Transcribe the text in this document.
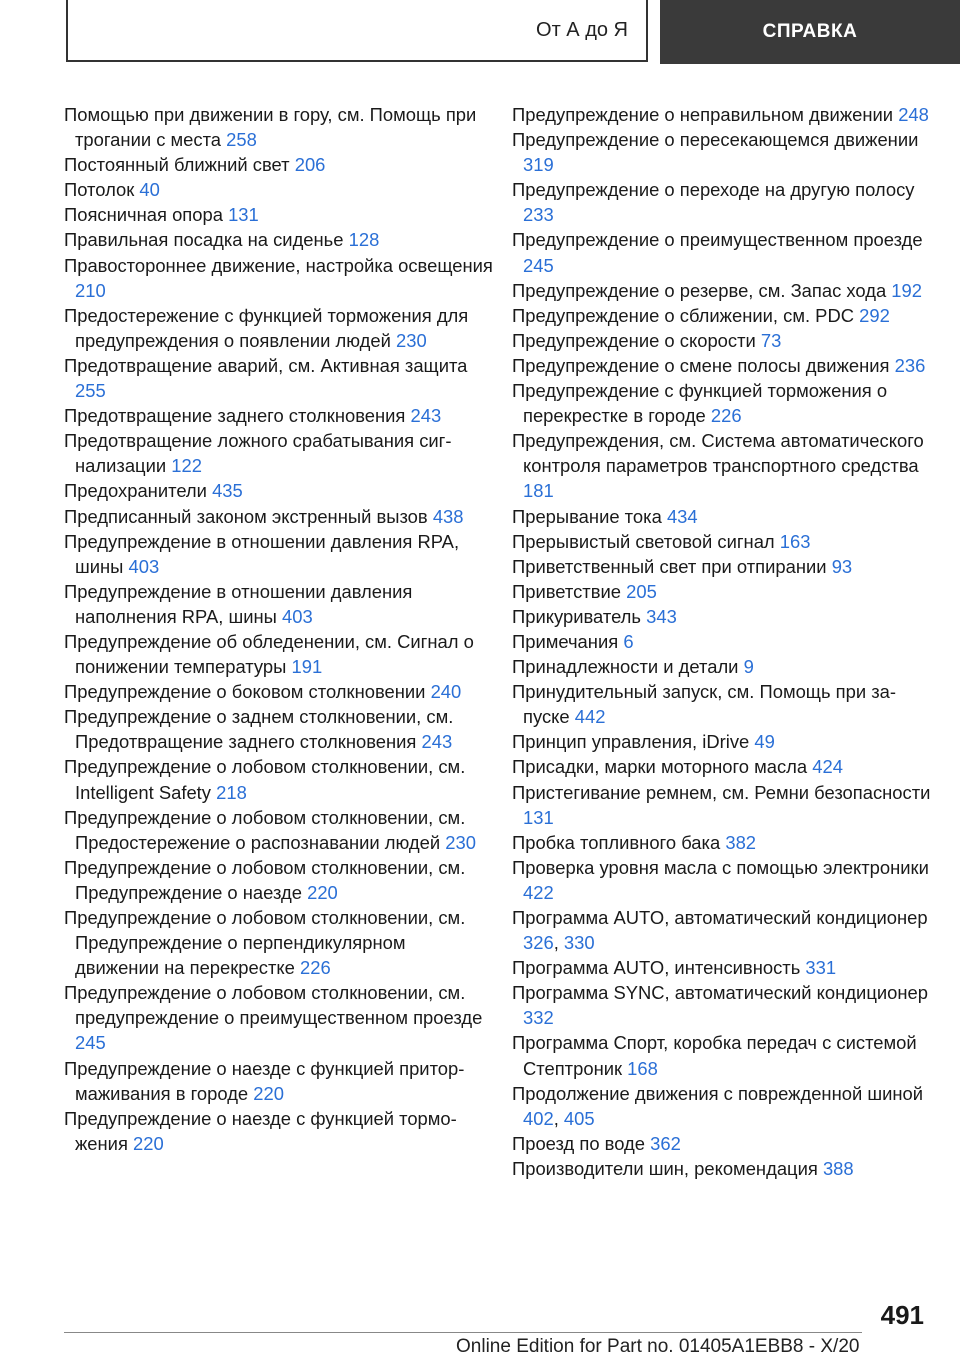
От А до Я	СПРАВКА
Помощью при движении в гору, см. Помощь при трогании с места 258
Постоянный ближний свет 206
Потолок 40
Поясничная опора 131
Правильная посадка на сиденье 128
Правостороннее движение, настройка освещения 210
Предостережение с функцией торможения для предупреждения о появлении людей 230
Предотвращение аварий, см. Активная защита 255
Предотвращение заднего столкновения 243
Предотвращение ложного срабатывания сигнализации 122
Предохранители 435
Предписанный законом экстренный вызов 438
Предупреждение в отношении давления RPA, шины 403
Предупреждение в отношении давления наполнения RPA, шины 403
Предупреждение об обледенении, см. Сигнал о понижении температуры 191
Предупреждение о боковом столкновении 240
Предупреждение о заднем столкновении, см. Предотвращение заднего столкновения 243
Предупреждение о лобовом столкновении, см. Intelligent Safety 218
Предупреждение о лобовом столкновении, см. Предостережение о распознавании людей 230
Предупреждение о лобовом столкновении, см. Предупреждение о наезде 220
Предупреждение о лобовом столкновении, см. Предупреждение о перпендикулярном движении на перекрестке 226
Предупреждение о лобовом столкновении, см. предупреждение о преимущественном проезде 245
Предупреждение о наезде с функцией притормаживания в городе 220
Предупреждение о наезде с функцией торможения 220
Предупреждение о неправильном движении 248
Предупреждение о пересекающемся движении 319
Предупреждение о переходе на другую полосу 233
Предупреждение о преимущественном проезде 245
Предупреждение о резерве, см. Запас хода 192
Предупреждение о сближении, см. PDC 292
Предупреждение о скорости 73
Предупреждение о смене полосы движения 236
Предупреждение с функцией торможения о перекрестке в городе 226
Предупреждения, см. Система автоматического контроля параметров транспортного средства 181
Прерывание тока 434
Прерывистый световой сигнал 163
Приветственный свет при отпирании 93
Приветствие 205
Прикуриватель 343
Примечания 6
Принадлежности и детали 9
Принудительный запуск, см. Помощь при запуске 442
Принцип управления, iDrive 49
Присадки, марки моторного масла 424
Пристегивание ремнем, см. Ремни безопасности 131
Пробка топливного бака 382
Проверка уровня масла с помощью электроники 422
Программа AUTO, автоматический кондиционер 326, 330
Программа AUTO, интенсивность 331
Программа SYNC, автоматический кондиционер 332
Программа Спорт, коробка передач с системой Стептроник 168
Продолжение движения с поврежденной шиной 402, 405
Проезд по воде 362
Производители шин, рекомендация 388
491
Online Edition for Part no. 01405A1EBB8 - X/20
